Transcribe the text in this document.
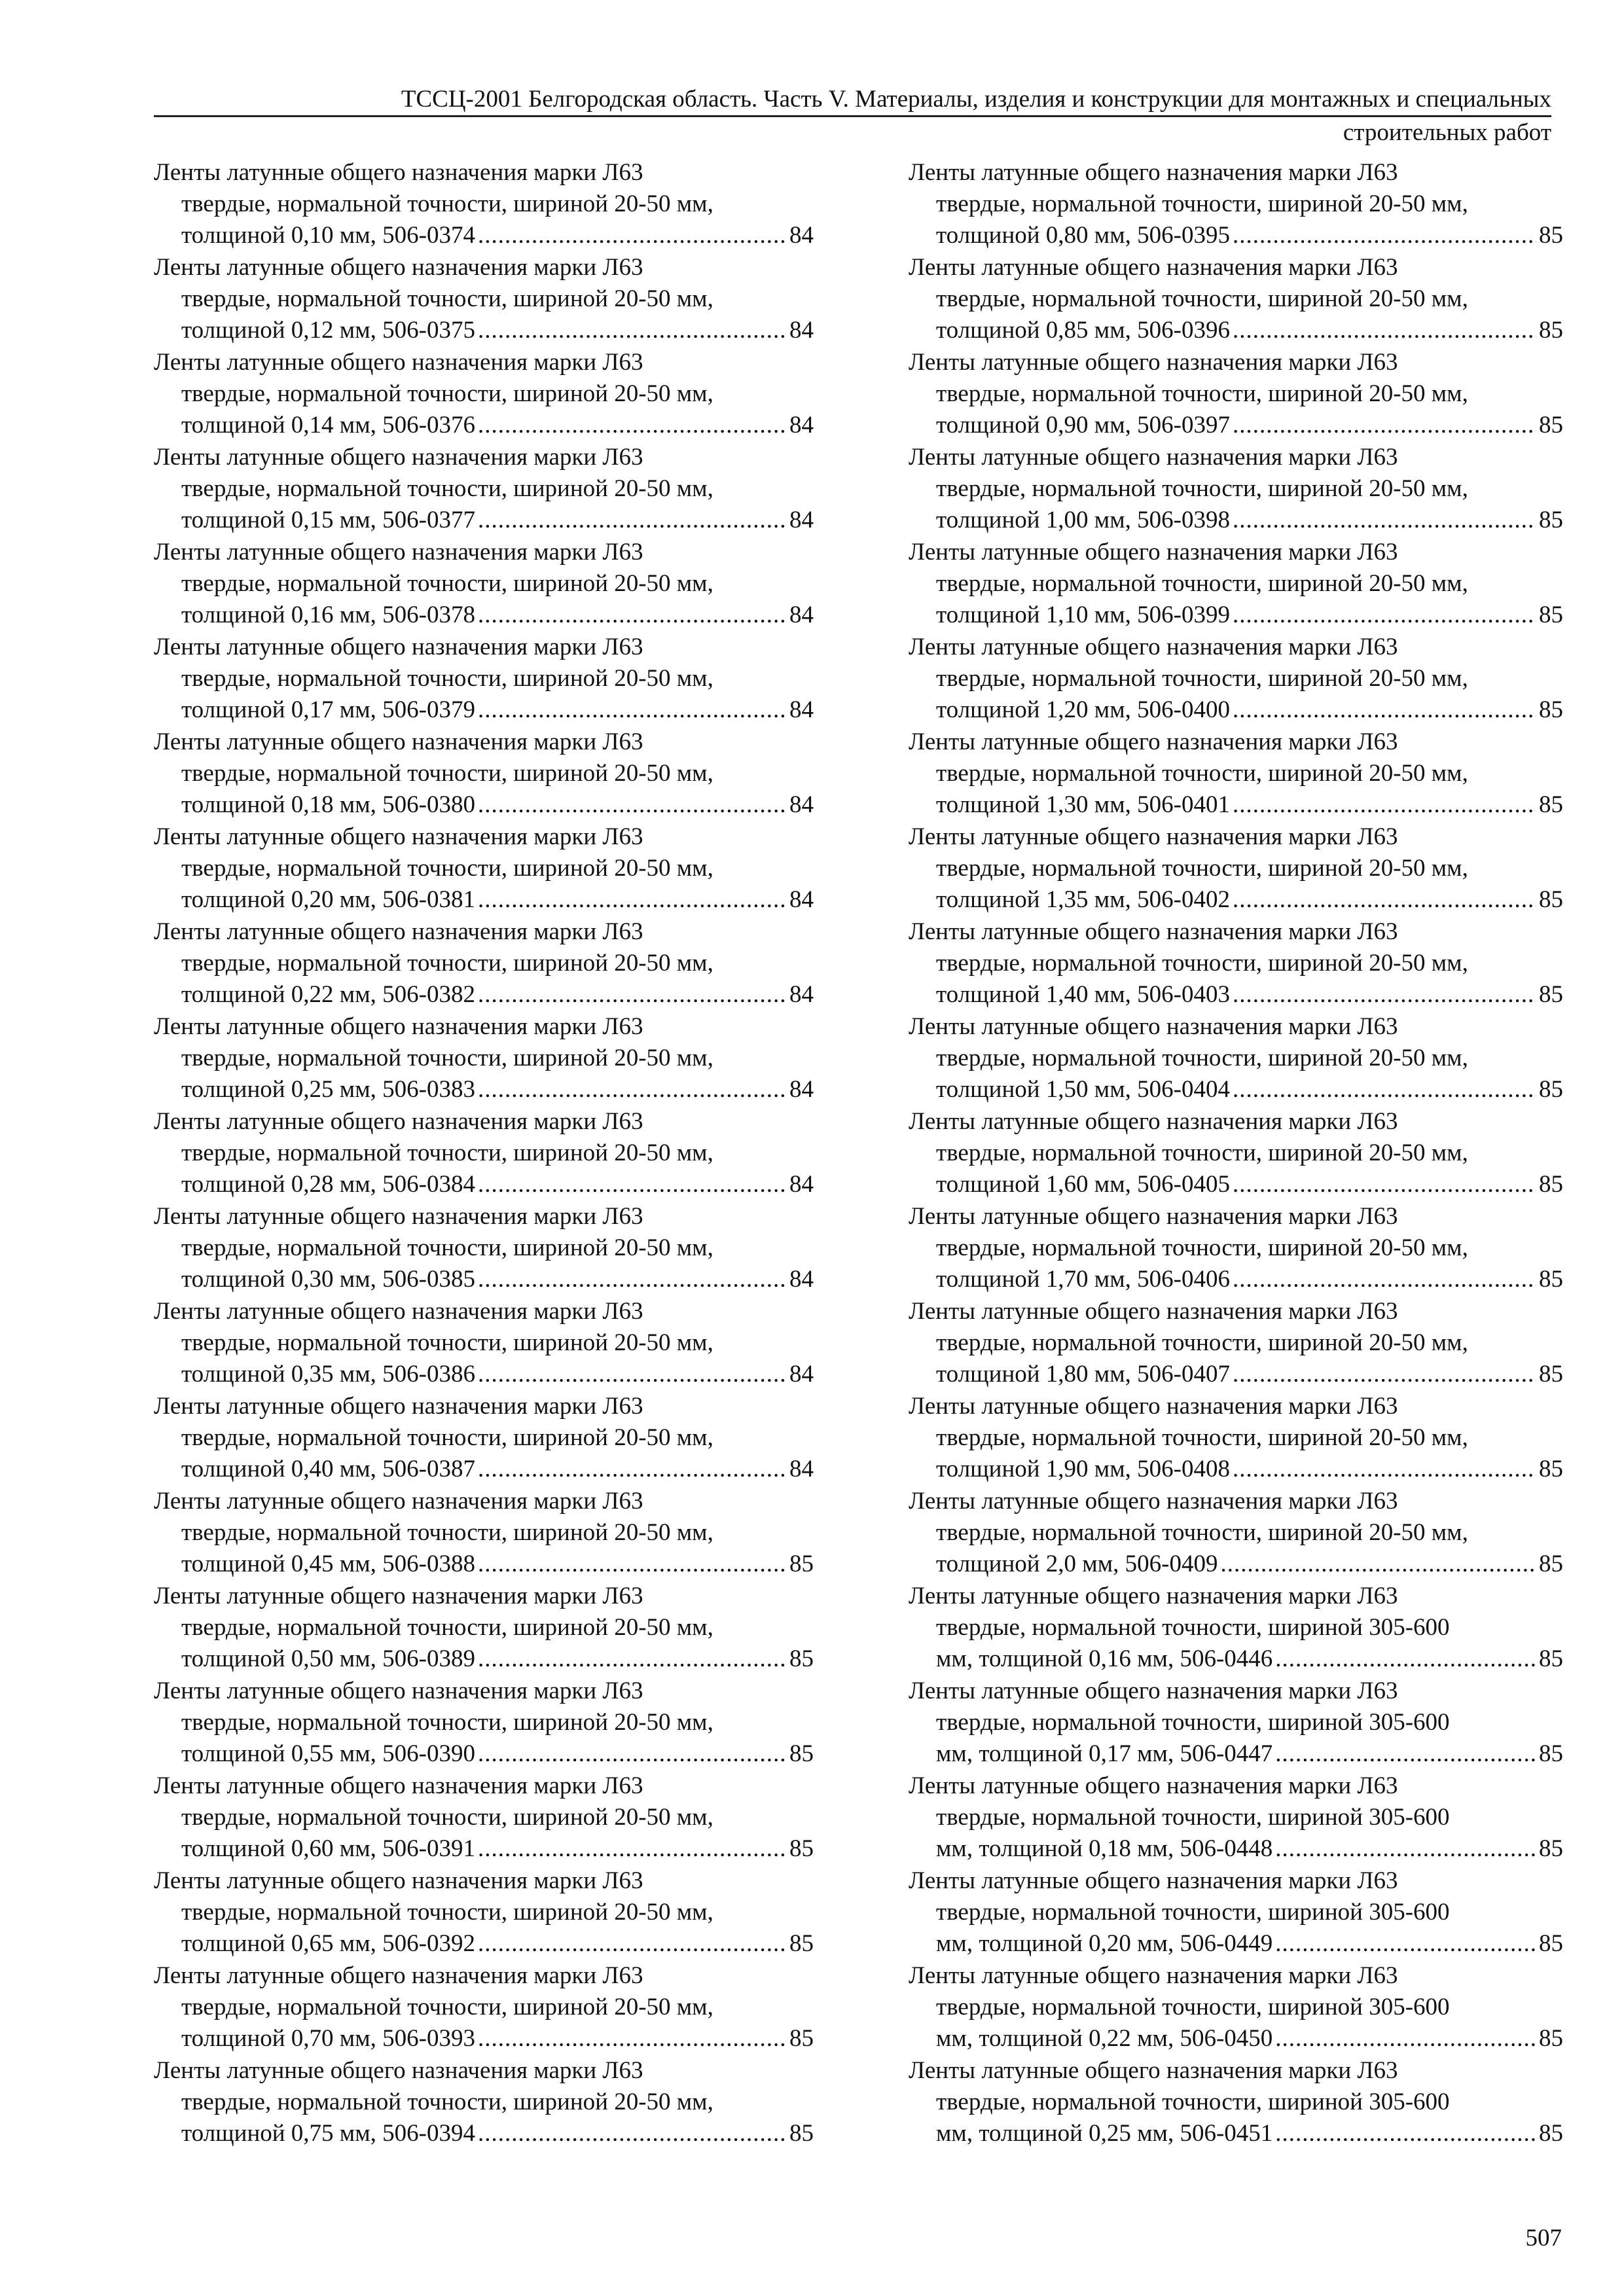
ТССЦ-2001 Белгородская область. Часть V. Материалы, изделия и конструкции для монтажных и специальных
строительных работ
Ленты латунные общего назначения марки Л63
твердые, нормальной точности, шириной 20-50 мм,
толщиной 0,10 мм, 506-0374 .....	84
Ленты латунные общего назначения марки Л63
твердые, нормальной точности, шириной 20-50 мм,
толщиной 0,12 мм, 506-0375 .....	84
Ленты латунные общего назначения марки Л63
твердые, нормальной точности, шириной 20-50 мм,
толщиной 0,14 мм, 506-0376 .....	84
Ленты латунные общего назначения марки Л63
твердые, нормальной точности, шириной 20-50 мм,
толщиной 0,15 мм, 506-0377 .....	84
Ленты латунные общего назначения марки Л63
твердые, нормальной точности, шириной 20-50 мм,
толщиной 0,16 мм, 506-0378 .....	84
Ленты латунные общего назначения марки Л63
твердые, нормальной точности, шириной 20-50 мм,
толщиной 0,17 мм, 506-0379 .....	84
Ленты латунные общего назначения марки Л63
твердые, нормальной точности, шириной 20-50 мм,
толщиной 0,18 мм, 506-0380 .....	84
Ленты латунные общего назначения марки Л63
твердые, нормальной точности, шириной 20-50 мм,
толщиной 0,20 мм, 506-0381 .....	84
Ленты латунные общего назначения марки Л63
твердые, нормальной точности, шириной 20-50 мм,
толщиной 0,22 мм, 506-0382 .....	84
Ленты латунные общего назначения марки Л63
твердые, нормальной точности, шириной 20-50 мм,
толщиной 0,25 мм, 506-0383 .....	84
Ленты латунные общего назначения марки Л63
твердые, нормальной точности, шириной 20-50 мм,
толщиной 0,28 мм, 506-0384 .....	84
Ленты латунные общего назначения марки Л63
твердые, нормальной точности, шириной 20-50 мм,
толщиной 0,30 мм, 506-0385 .....	84
Ленты латунные общего назначения марки Л63
твердые, нормальной точности, шириной 20-50 мм,
толщиной 0,35 мм, 506-0386 .....	84
Ленты латунные общего назначения марки Л63
твердые, нормальной точности, шириной 20-50 мм,
толщиной 0,40 мм, 506-0387 .....	84
Ленты латунные общего назначения марки Л63
твердые, нормальной точности, шириной 20-50 мм,
толщиной 0,45 мм, 506-0388 .....	85
Ленты латунные общего назначения марки Л63
твердые, нормальной точности, шириной 20-50 мм,
толщиной 0,50 мм, 506-0389 .....	85
Ленты латунные общего назначения марки Л63
твердые, нормальной точности, шириной 20-50 мм,
толщиной 0,55 мм, 506-0390 .....	85
Ленты латунные общего назначения марки Л63
твердые, нормальной точности, шириной 20-50 мм,
толщиной 0,60 мм, 506-0391 .....	85
Ленты латунные общего назначения марки Л63
твердые, нормальной точности, шириной 20-50 мм,
толщиной 0,65 мм, 506-0392 .....	85
Ленты латунные общего назначения марки Л63
твердые, нормальной точности, шириной 20-50 мм,
толщиной 0,70 мм, 506-0393 .....	85
Ленты латунные общего назначения марки Л63
твердые, нормальной точности, шириной 20-50 мм,
толщиной 0,75 мм, 506-0394 .....	85
Ленты латунные общего назначения марки Л63
твердые, нормальной точности, шириной 20-50 мм,
толщиной 0,80 мм, 506-0395 .....	85
Ленты латунные общего назначения марки Л63
твердые, нормальной точности, шириной 20-50 мм,
толщиной 0,85 мм, 506-0396 .....	85
Ленты латунные общего назначения марки Л63
твердые, нормальной точности, шириной 20-50 мм,
толщиной 0,90 мм, 506-0397 .....	85
Ленты латунные общего назначения марки Л63
твердые, нормальной точности, шириной 20-50 мм,
толщиной 1,00 мм, 506-0398 .....	85
Ленты латунные общего назначения марки Л63
твердые, нормальной точности, шириной 20-50 мм,
толщиной 1,10 мм, 506-0399 .....	85
Ленты латунные общего назначения марки Л63
твердые, нормальной точности, шириной 20-50 мм,
толщиной 1,20 мм, 506-0400 .....	85
Ленты латунные общего назначения марки Л63
твердые, нормальной точности, шириной 20-50 мм,
толщиной 1,30 мм, 506-0401 .....	85
Ленты латунные общего назначения марки Л63
твердые, нормальной точности, шириной 20-50 мм,
толщиной 1,35 мм, 506-0402 .....	85
Ленты латунные общего назначения марки Л63
твердые, нормальной точности, шириной 20-50 мм,
толщиной 1,40 мм, 506-0403 .....	85
Ленты латунные общего назначения марки Л63
твердые, нормальной точности, шириной 20-50 мм,
толщиной 1,50 мм, 506-0404 .....	85
Ленты латунные общего назначения марки Л63
твердые, нормальной точности, шириной 20-50 мм,
толщиной 1,60 мм, 506-0405 .....	85
Ленты латунные общего назначения марки Л63
твердые, нормальной точности, шириной 20-50 мм,
толщиной 1,70 мм, 506-0406 .....	85
Ленты латунные общего назначения марки Л63
твердые, нормальной точности, шириной 20-50 мм,
толщиной 1,80 мм, 506-0407 .....	85
Ленты латунные общего назначения марки Л63
твердые, нормальной точности, шириной 20-50 мм,
толщиной 1,90 мм, 506-0408 .....	85
Ленты латунные общего назначения марки Л63
твердые, нормальной точности, шириной 20-50 мм,
толщиной 2,0 мм, 506-0409 .....	85
Ленты латунные общего назначения марки Л63
твердые, нормальной точности, шириной 305-600
мм, толщиной 0,16 мм, 506-0446 .....	85
Ленты латунные общего назначения марки Л63
твердые, нормальной точности, шириной 305-600
мм, толщиной 0,17 мм, 506-0447 .....	85
Ленты латунные общего назначения марки Л63
твердые, нормальной точности, шириной 305-600
мм, толщиной 0,18 мм, 506-0448 .....	85
Ленты латунные общего назначения марки Л63
твердые, нормальной точности, шириной 305-600
мм, толщиной 0,20 мм, 506-0449 .....	85
Ленты латунные общего назначения марки Л63
твердые, нормальной точности, шириной 305-600
мм, толщиной 0,22 мм, 506-0450 .....	85
Ленты латунные общего назначения марки Л63
твердые, нормальной точности, шириной 305-600
мм, толщиной 0,25 мм, 506-0451 .....	85
507
